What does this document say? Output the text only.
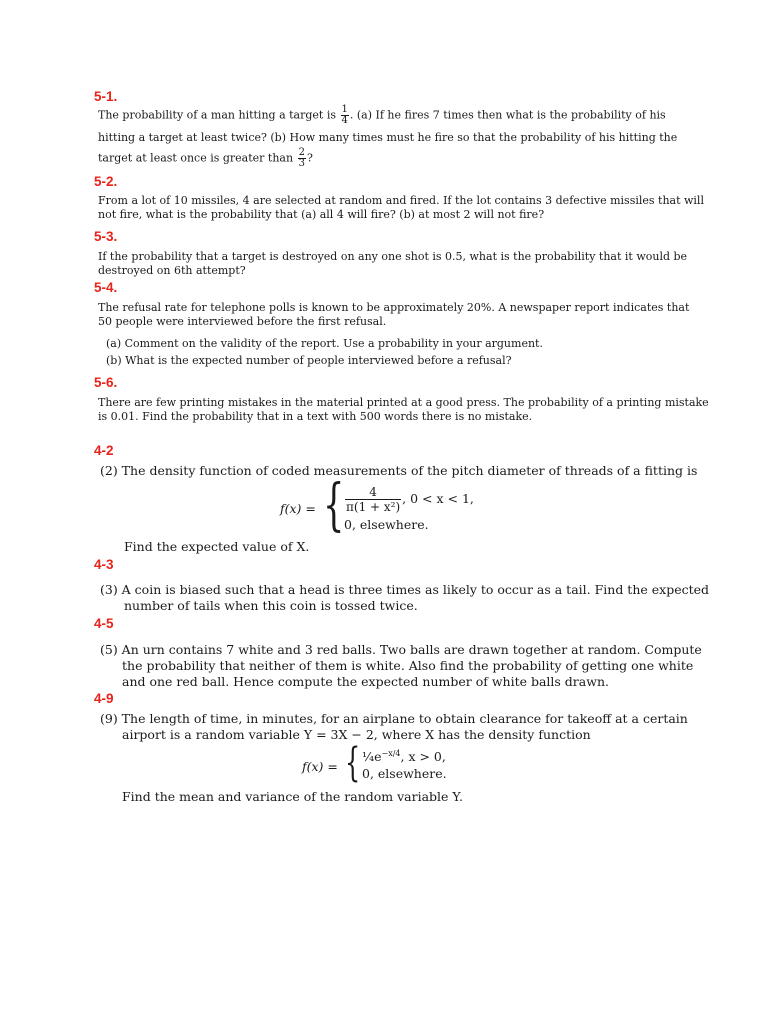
5-1.
The probability of a man hitting a target is $\frac{1}{4}$ . (a) If he fires 7 times then what is the probability of his
hitting a target at least twice? (b) How many times must he fire so that the probability of his hitting the
target at least once is greater than $\frac{2}{3}$ ?
5-2.
From a lot of 10 missiles, 4 are selected at random and fired. If the lot contains 3 defective missiles that will
not fire, what is the probability that (a) all 4 will fire? (b) at most 2 will not fire?
5-3.
If the probability that a target is destroyed on any one shot is 0.5, what is the probability that it would be
destroyed on 6th attempt?
5-4.
The refusal rate for telephone polls is known to be approximately 20%. A newspaper report indicates that
50 people were interviewed before the first refusal.
(a) Comment on the validity of the report. Use a probability in your argument.
(b) What is the expected number of people interviewed before a refusal?
5-6.
There are few printing mistakes in the material printed at a good press. The probability of a printing mistake
is 0.01. Find the probability that in a text with 500 words there is no mistake.
4-2
(2) The density function of coded measurements of the pitch diameter of threads of a fitting is
f(x) = { $\frac{4}{\text{π(1 + x²)}}$ , 0 < x < 1,
0, elsewhere.
Find the expected value of X.
4-3
(3) A coin is biased such that a head is three times as likely to occur as a tail. Find the expected
number of tails when this coin is tossed twice.
4-5
(5) An urn contains 7 white and 3 red balls. Two balls are drawn together at random. Compute
the probability that neither of them is white. Also find the probability of getting one white
and one red ball. Hence compute the expected number of white balls drawn.
4-9
(9) The length of time, in minutes, for an airplane to obtain clearance for takeoff at a certain
airport is a random variable Y = 3X − 2, where X has the density function
f(x) = { $\frac{1}{4}e^{-x/4}$, x > 0,
0, elsewhere.
Find the mean and variance of the random variable Y.
